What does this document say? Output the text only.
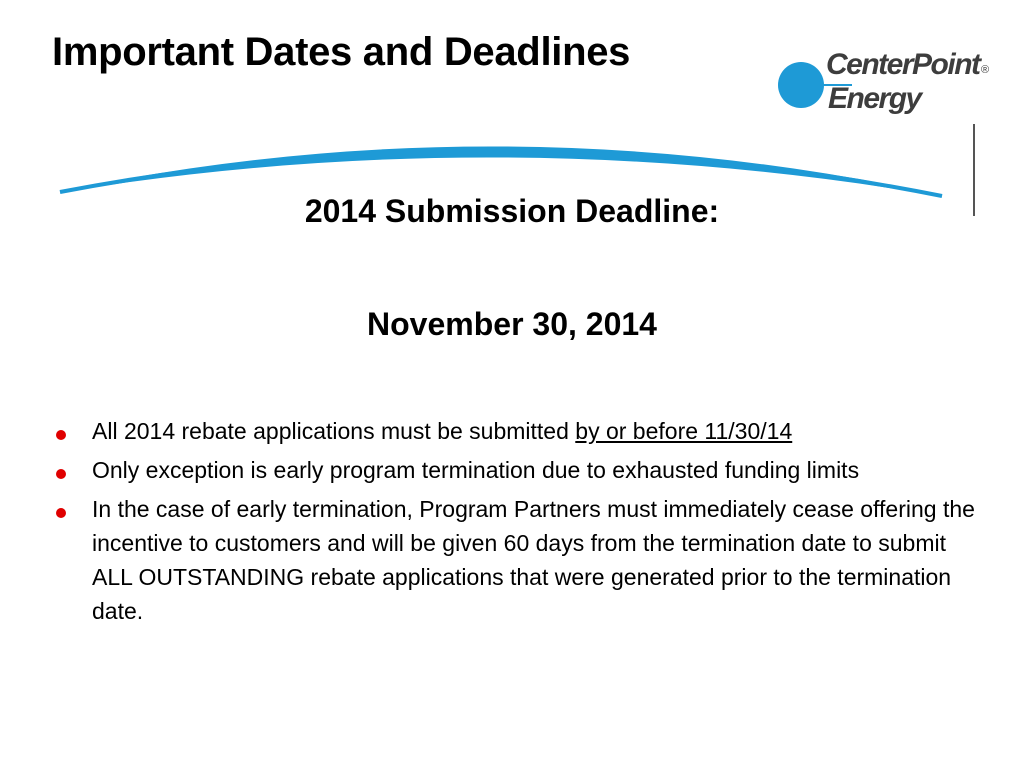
Important Dates and Deadlines	CenterPoint
Energy
®
2014 Submission Deadline:
November 30, 2014
All 2014 rebate applications must be submitted by or before 11/30/14
Only exception is early program termination due to exhausted funding limits
In the case of early termination, Program Partners must immediately cease offering the incentive to customers and will be given 60 days from the termination date to submit ALL OUTSTANDING rebate applications that were generated prior to the termination date.
